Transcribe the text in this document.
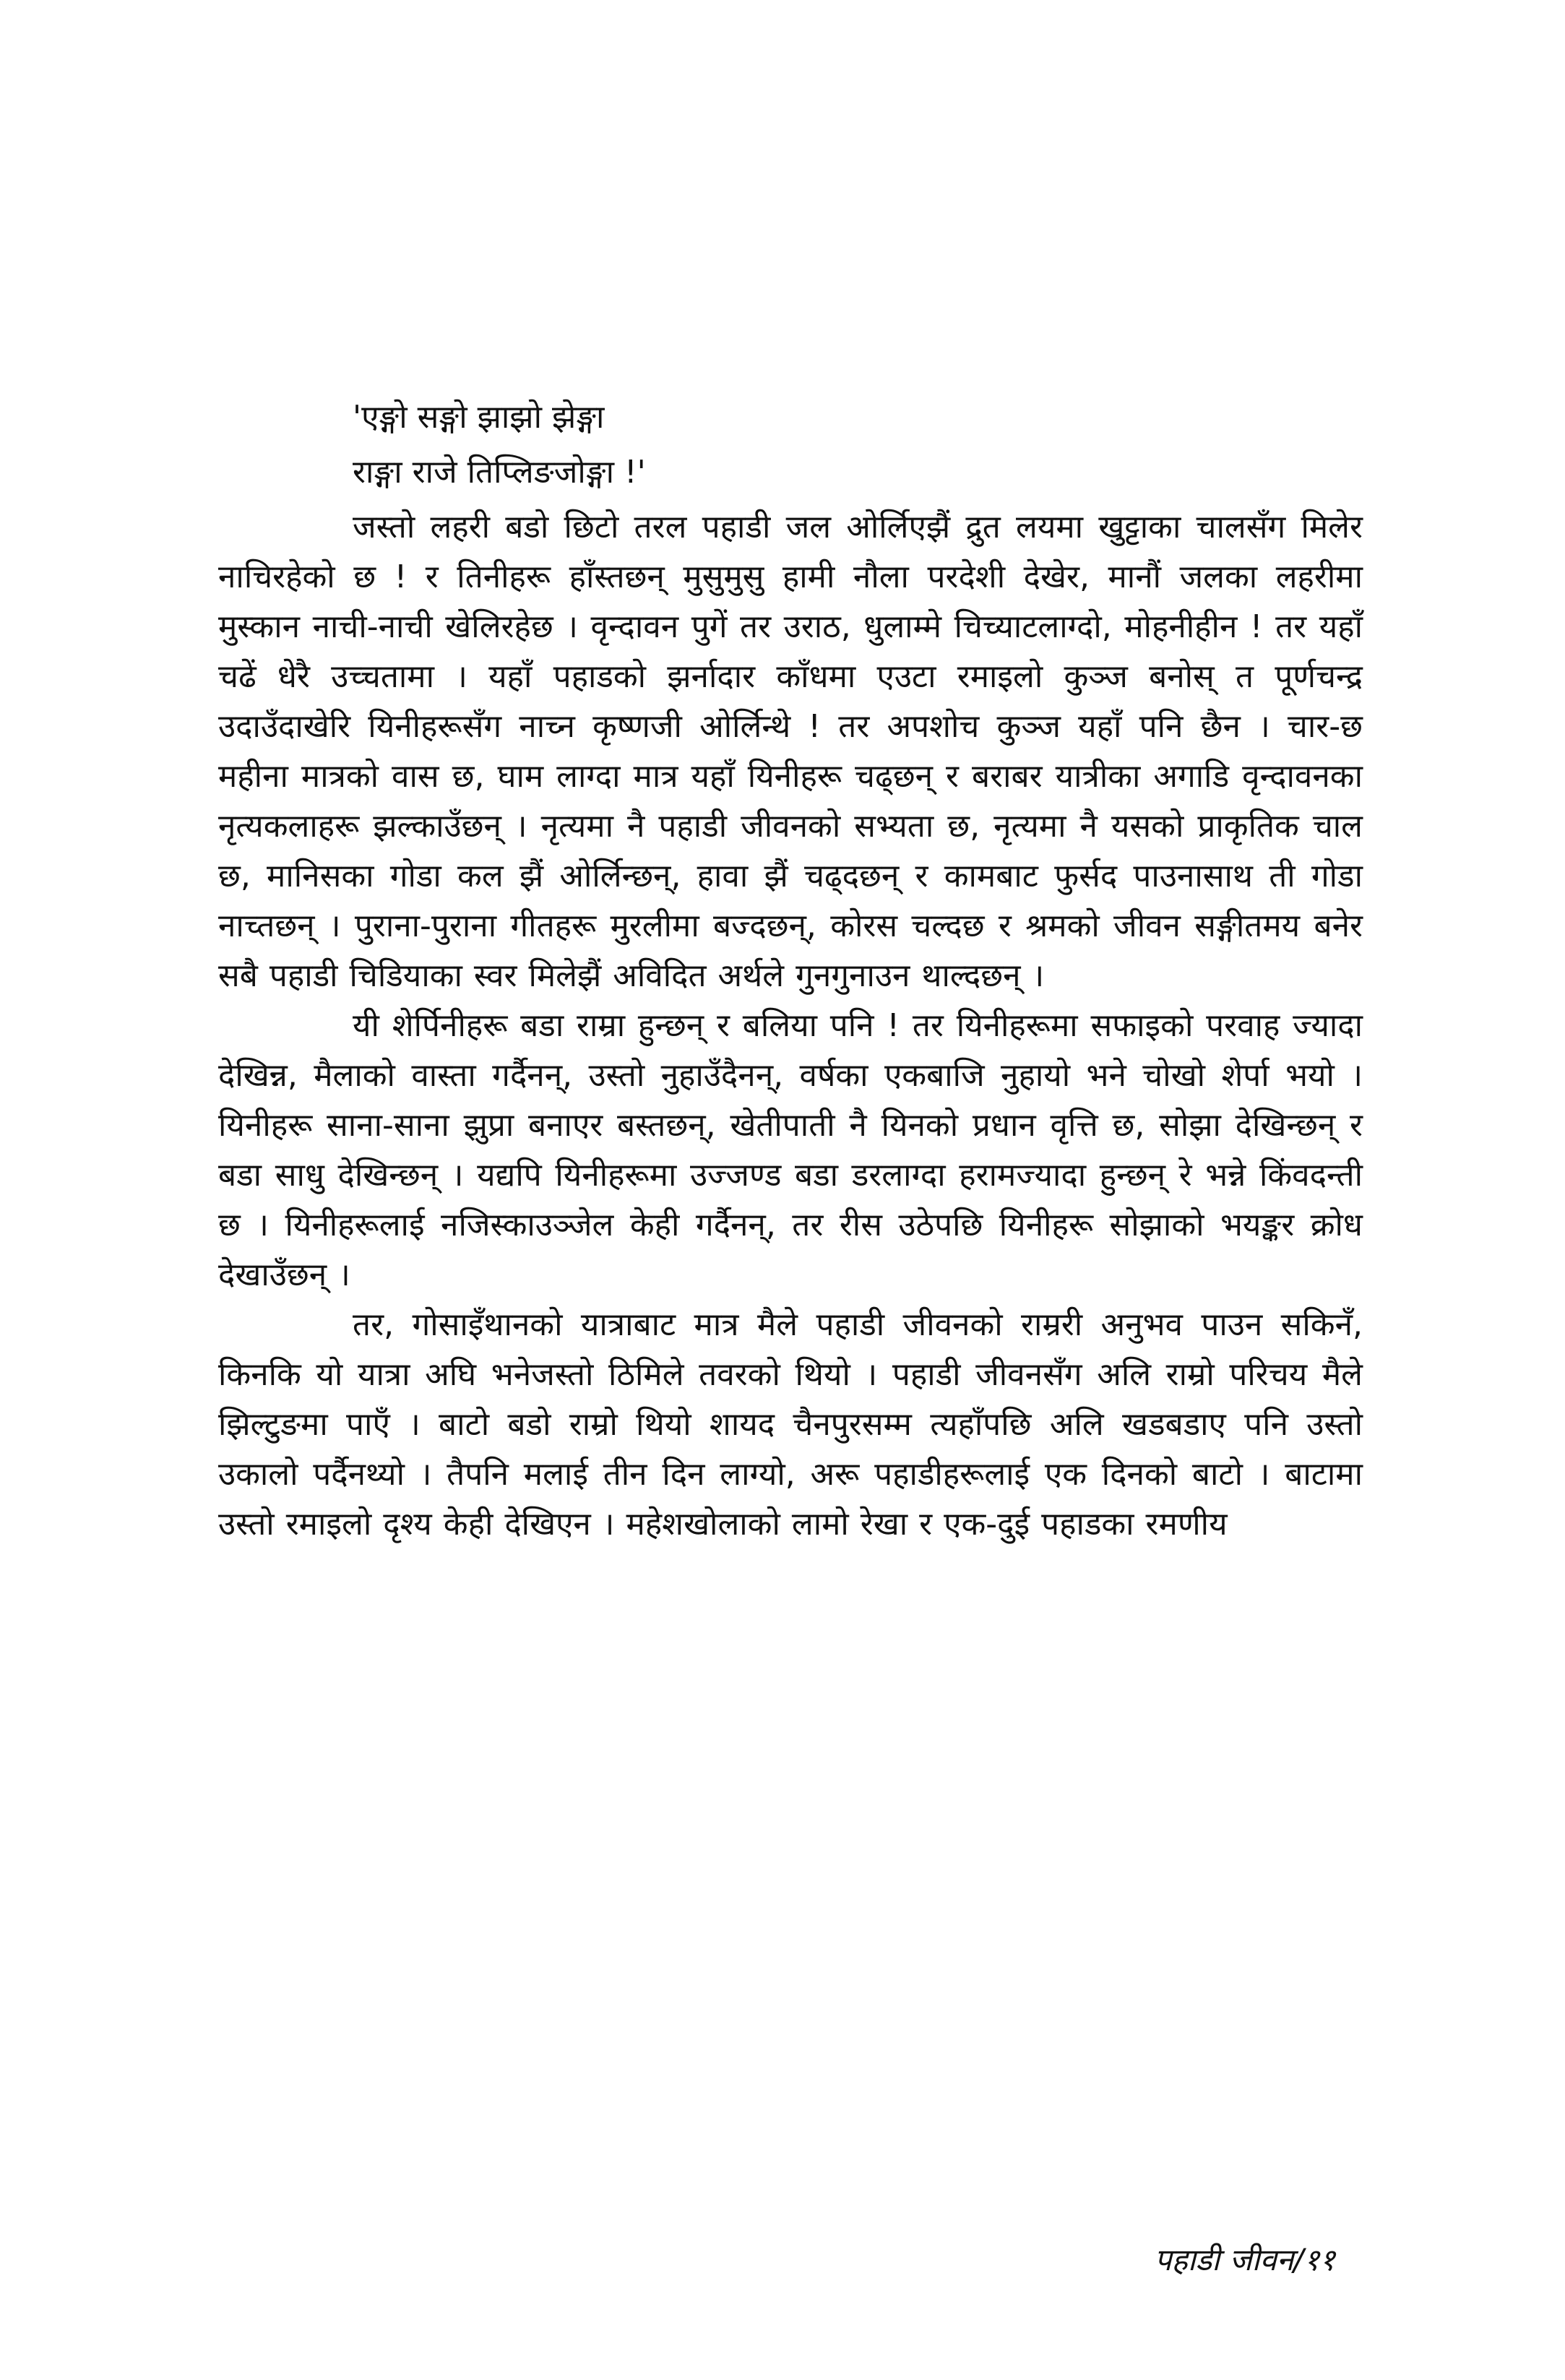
'एङ्गो सङ्गो झाझो झेङ्गा
राङ्गा राजे तिप्लिङजोङ्गा !'

जस्तो लहरी बडो छिटो तरल पहाडी जल ओर्लिएझैं द्रुत लयमा खुट्टाका चालसँग मिलेर नाचिरहेको छ ! र तिनीहरू हाँस्तछन् मुसुमुसु हामी नौला परदेशी देखेर, मानौं जलका लहरीमा मुस्कान नाची-नाची खेलिरहेछ । वृन्दावन पुगें तर उराठ, धुलाम्मे चिच्याटलाग्दो, मोहनीहीन ! तर यहाँ चढें धेरै उच्चतामा । यहाँ पहाडको झर्नादार काँधमा एउटा रमाइलो कुञ्ज बनोस् त पूर्णचन्द्र उदाउँदाखेरि यिनीहरूसँग नाच्न कृष्णजी ओर्लिन्थे ! तर अपशोच कुञ्ज यहाँ पनि छैन । चार-छ महीना मात्रको वास छ, घाम लाग्दा मात्र यहाँ यिनीहरू चढ्छन् र बराबर यात्रीका अगाडि वृन्दावनका नृत्यकलाहरू झल्काउँछन् । नृत्यमा नै पहाडी जीवनको सभ्यता छ, नृत्यमा नै यसको प्राकृतिक चाल छ, मानिसका गोडा कल झैं ओर्लिन्छन्, हावा झैं चढ्दछन् र कामबाट फुर्सद पाउनासाथ ती गोडा नाच्तछन् । पुराना-पुराना गीतहरू मुरलीमा बज्दछन्, कोरस चल्दछ र श्रमको जीवन सङ्गीतमय बनेर सबै पहाडी चिडियाका स्वर मिलेझैं अविदित अर्थले गुनगुनाउन थाल्दछन् ।

यी शेर्पिनीहरू बडा राम्रा हुन्छन् र बलिया पनि ! तर यिनीहरूमा सफाइको परवाह ज्यादा देखिन्न, मैलाको वास्ता गर्दैनन्, उस्तो नुहाउँदैनन्, वर्षका एकबाजि नुहायो भने चोखो शेर्पा भयो । यिनीहरू साना-साना झुप्रा बनाएर बस्तछन्, खेतीपाती नै यिनको प्रधान वृत्ति छ, सोझा देखिन्छन् र बडा साधु देखिन्छन् । यद्यपि यिनीहरूमा उज्जण्ड बडा डरलाग्दा हरामज्यादा हुन्छन् रे भन्ने किंवदन्ती छ । यिनीहरूलाई नजिस्काउञ्जेल केही गर्दैनन्, तर रीस उठेपछि यिनीहरू सोझाको भयङ्कर क्रोध देखाउँछन् ।

तर, गोसाइँथानको यात्राबाट मात्र मैले पहाडी जीवनको राम्ररी अनुभव पाउन सकिनँ, किनकि यो यात्रा अघि भनेजस्तो ठिमिले तवरको थियो । पहाडी जीवनसँग अलि राम्रो परिचय मैले झिल्टुङमा पाएँ । बाटो बडो राम्रो थियो शायद चैनपुरसम्म त्यहाँपछि अलि खडबडाए पनि उस्तो उकालो पर्दैनथ्यो । तैपनि मलाई तीन दिन लाग्यो, अरू पहाडीहरूलाई एक दिनको बाटो । बाटामा उस्तो रमाइलो दृश्य केही देखिएन । महेशखोलाको लामो रेखा र एक-दुई पहाडका रमणीय

पहाडी जीवन/११
